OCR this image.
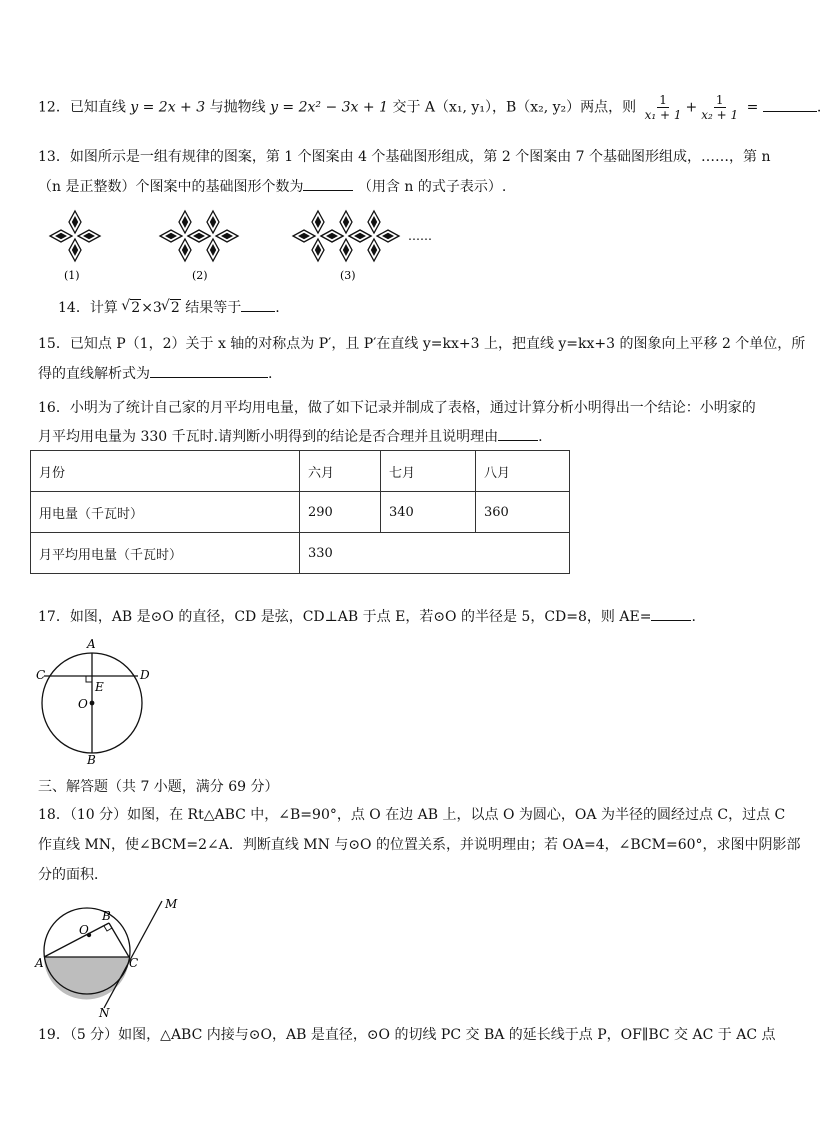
12．已知直线 y = 2x + 3 与抛物线 y = 2x² − 3x + 1 交于 A（x₁, y₁），B（x₂, y₂）两点，则 $\frac{1}{\text{x₁ + 1}} + \frac{1}{\text{x₂ + 1}}$ =	.
13．如图所示是一组有规律的图案，第 1 个图案由 4 个基础图形组成，第 2 个图案由 7 个基础图形组成，……，第 n
（n 是正整数）个图案中的基础图形个数为	（用含 n 的式子表示）.
……
(1)	(2)	(3)
14．计算 √ 2×3 √ 2 结果等于 .
15．已知点 P（1，2）关于 x 轴的对称点为 P′，且 P′在直线 y=kx+3 上，把直线 y=kx+3 的图象向上平移 2 个单位，所
得的直线解析式为	.
16．小明为了统计自己家的月平均用电量，做了如下记录并制成了表格，通过计算分析小明得出一个结论：小明家的
月平均用电量为 330 千瓦时.请判断小明得到的结论是否合理并且说明理由	.
月份	六月	七月	八月
用电量（千瓦时）	290	340	360
月平均用电量（千瓦时）	330		
17．如图，AB 是⊙O 的直径，CD 是弦，CD⊥AB 于点 E，若⊙O 的半径是 5，CD=8，则 AE=	.
A
C	D
E
O
B
三、解答题（共 7 小题，满分 69 分）
18．（10 分）如图，在 Rt△ABC 中，∠B=90°，点 O 在边 AB 上，以点 O 为圆心，OA 为半径的圆经过点 C，过点 C
作直线 MN，使∠BCM=2∠A．判断直线 MN 与⊙O 的位置关系，并说明理由；若 OA=4，∠BCM=60°，求图中阴影部
分的面积．
M
B
O
A	C
N
19．（5 分）如图，△ABC 内接与⊙O，AB 是直径，⊙O 的切线 PC 交 BA 的延长线于点 P，OF∥BC 交 AC 于 AC 点
